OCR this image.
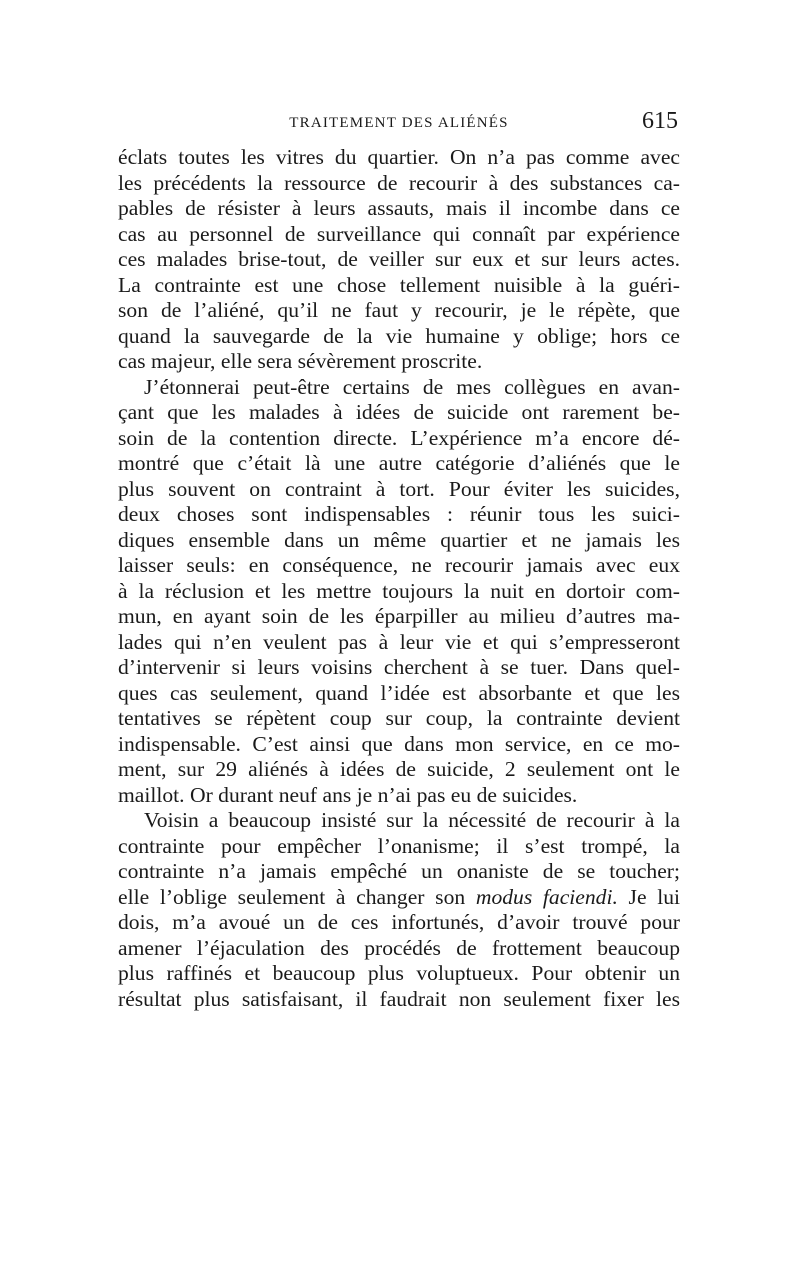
TRAITEMENT DES ALIÉNÉS	615
éclats toutes les vitres du quartier. On n’a pas comme avec
les précédents la ressource de recourir à des substances ca-
pables de résister à leurs assauts, mais il incombe dans ce
cas au personnel de surveillance qui connaît par expérience
ces malades brise-tout, de veiller sur eux et sur leurs actes.
La contrainte est une chose tellement nuisible à la guéri-
son de l’aliéné, qu’il ne faut y recourir, je le répète, que
quand la sauvegarde de la vie humaine y oblige; hors ce
cas majeur, elle sera sévèrement proscrite.
J’étonnerai peut-être certains de mes collègues en avan-
çant que les malades à idées de suicide ont rarement be-
soin de la contention directe. L’expérience m’a encore dé-
montré que c’était là une autre catégorie d’aliénés que le
plus souvent on contraint à tort. Pour éviter les suicides,
deux choses sont indispensables : réunir tous les suici-
diques ensemble dans un même quartier et ne jamais les
laisser seuls: en conséquence, ne recourir jamais avec eux
à la réclusion et les mettre toujours la nuit en dortoir com-
mun, en ayant soin de les éparpiller au milieu d’autres ma-
lades qui n’en veulent pas à leur vie et qui s’empresseront
d’intervenir si leurs voisins cherchent à se tuer. Dans quel-
ques cas seulement, quand l’idée est absorbante et que les
tentatives se répètent coup sur coup, la contrainte devient
indispensable. C’est ainsi que dans mon service, en ce mo-
ment, sur 29 aliénés à idées de suicide, 2 seulement ont le
maillot. Or durant neuf ans je n’ai pas eu de suicides.
Voisin a beaucoup insisté sur la nécessité de recourir à la
contrainte pour empêcher l’onanisme; il s’est trompé, la
contrainte n’a jamais empêché un onaniste de se toucher;
elle l’oblige seulement à changer son modus faciendi. Je lui
dois, m’a avoué un de ces infortunés, d’avoir trouvé pour
amener l’éjaculation des procédés de frottement beaucoup
plus raffinés et beaucoup plus voluptueux. Pour obtenir un
résultat plus satisfaisant, il faudrait non seulement fixer les
